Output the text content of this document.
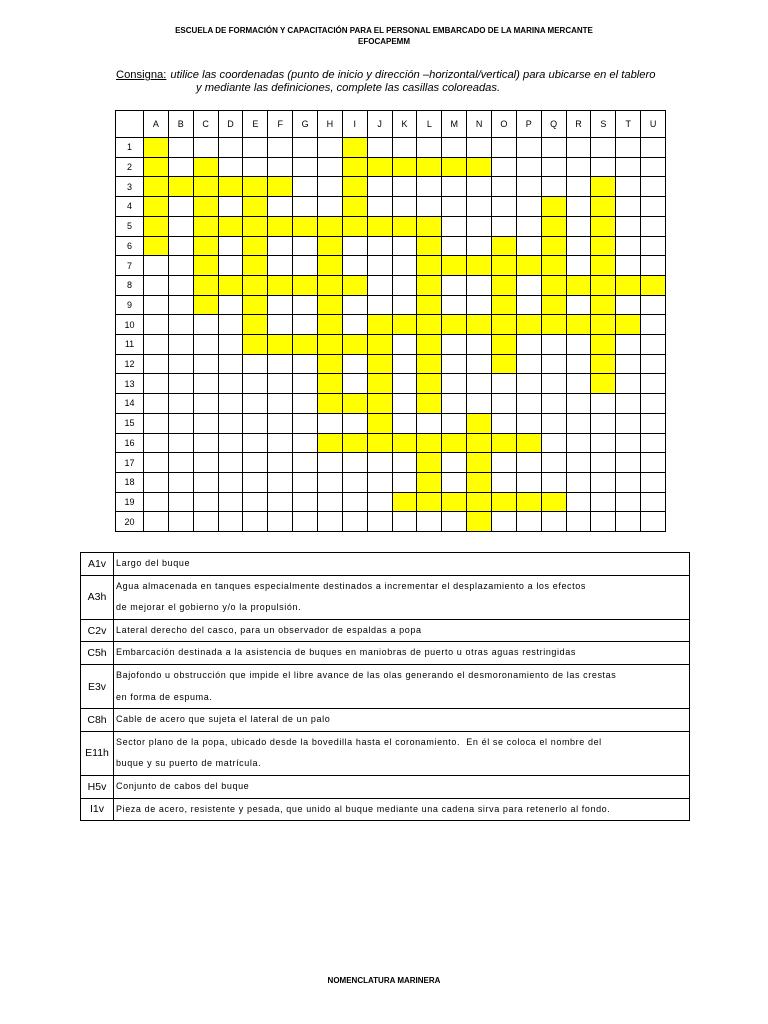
ESCUELA DE FORMACIÓN Y CAPACITACIÓN PARA EL PERSONAL EMBARCADO DE LA MARINA MERCANTE
EFOCAPEMM
Consigna: utilice las coordenadas (punto de inicio y dirección –horizontal/vertical) para ubicarse en el tablero
y mediante las definiciones, complete las casillas coloreadas.
A	B	C	D	E	F	G	H	I	J	K	L	M	N	O	P	Q	R	S	T	U
1
2
3
4
5
6
7
8
9
10
11
12
13
14
15
16
17
18
19
20
A1v	Largo del buque
A3h
Agua almacenada en tanques especialmente destinados a incrementar el desplazamiento a los efectos
de mejorar el gobierno y/o la propulsión.
C2v	Lateral derecho del casco, para un observador de espaldas a popa
C5h	Embarcación destinada a la asistencia de buques en maniobras de puerto u otras aguas restringidas
E3v
Bajofondo u obstrucción que impide el libre avance de las olas generando el desmoronamiento de las crestas
en forma de espuma.
C8h	Cable de acero que sujeta el lateral de un palo
E11h
Sector plano de la popa, ubicado desde la bovedilla hasta el coronamiento.  En él se coloca el nombre del
buque y su puerto de matrícula.
H5v	Conjunto de cabos del buque
I1v	Pieza de acero, resistente y pesada, que unido al buque mediante una cadena sirva para retenerlo al fondo.
NOMENCLATURA MARINERA
